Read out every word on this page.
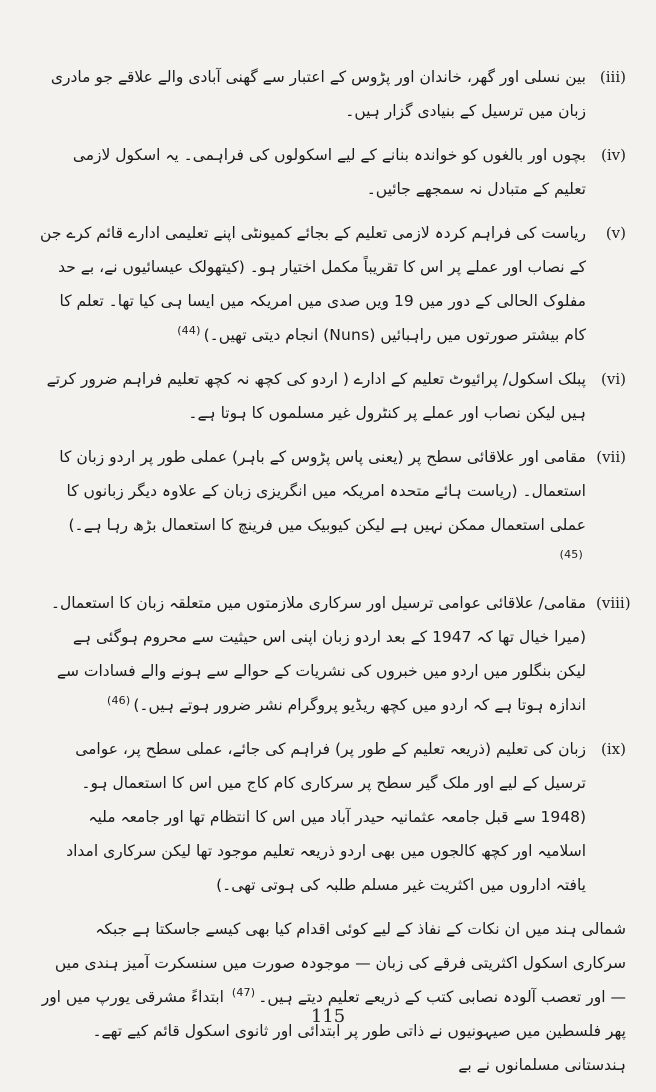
(iii)
بین نسلی اور گھر، خاندان اور پڑوس کے اعتبار سے گھنی آبادی والے علاقے جو مادری زبان میں ترسیل کے بنیادی گزار ہیں۔
(iv)
بچوں اور بالغوں کو خواندہ بنانے کے لیے اسکولوں کی فراہمی۔ یہ اسکول لازمی تعلیم کے متبادل نہ سمجھے جائیں۔
(v)
ریاست کی فراہم کردہ لازمی تعلیم کے بجائے کمیونٹی اپنے تعلیمی ادارے قائم کرے جن کے نصاب اور عملے پر اس کا تقریباً مکمل اختیار ہو۔ (کیتھولک عیسائیوں نے، بے حد مفلوک الحالی کے دور میں 19 ویں صدی میں امریکہ میں ایسا ہی کیا تھا۔ تعلم کا کام بیشتر صورتوں میں راہبائیں (Nuns) انجام دیتی تھیں۔)(44)
(vi)
پبلک اسکول/ پرائیوٹ تعلیم کے ادارے ( اردو کی کچھ نہ کچھ تعلیم فراہم ضرور کرتے ہیں لیکن نصاب اور عملے پر کنٹرول غیر مسلموں کا ہوتا ہے۔
(vii)
مقامی اور علاقائی سطح پر (یعنی پاس پڑوس کے باہر) عملی طور پر اردو زبان کا استعمال۔ (ریاست ہائے متحدہ امریکہ میں انگریزی زبان کے علاوہ دیگر زبانوں کا عملی استعمال ممکن نہیں ہے لیکن کیوبیک میں فرینچ کا استعمال بڑھ رہا ہے۔)(45)
(viii)
مقامی/ علاقائی عوامی ترسیل اور سرکاری ملازمتوں میں متعلقہ زبان کا استعمال۔ (میرا خیال تھا کہ 1947 کے بعد اردو زبان اپنی اس حیثیت سے محروم ہوگئی ہے لیکن بنگلور میں اردو میں خبروں کی نشریات کے حوالے سے ہونے والے فسادات سے اندازہ ہوتا ہے کہ اردو میں کچھ ریڈیو پروگرام نشر ضرور ہوتے ہیں۔)(46)
(ix)
زبان کی تعلیم (ذریعہ تعلیم کے طور پر) فراہم کی جائے، عملی سطح پر، عوامی ترسیل کے لیے اور ملک گیر سطح پر سرکاری کام کاج میں اس کا استعمال ہو۔ (1948 سے قبل جامعہ عثمانیہ حیدر آباد میں اس کا انتظام تھا اور جامعہ ملیہ اسلامیہ اور کچھ کالجوں میں بھی اردو ذریعہ تعلیم موجود تھا لیکن سرکاری امداد یافتہ اداروں میں اکثریت غیر مسلم طلبہ کی ہوتی تھی۔)
شمالی ہند میں ان نکات کے نفاذ کے لیے کوئی اقدام کیا بھی کیسے جاسکتا ہے جبکہ سرکاری اسکول اکثریتی فرقے کی زبان — موجودہ صورت میں سنسکرت آمیز ہندی میں — اور تعصب آلودہ نصابی کتب کے ذریعے تعلیم دیتے ہیں۔(47) ابتداءً مشرقی یورپ میں اور پھر فلسطین میں صیہونیوں نے ذاتی طور پر ابتدائی اور ثانوی اسکول قائم کیے تھے۔ ہندستانی مسلمانوں نے بے
115
